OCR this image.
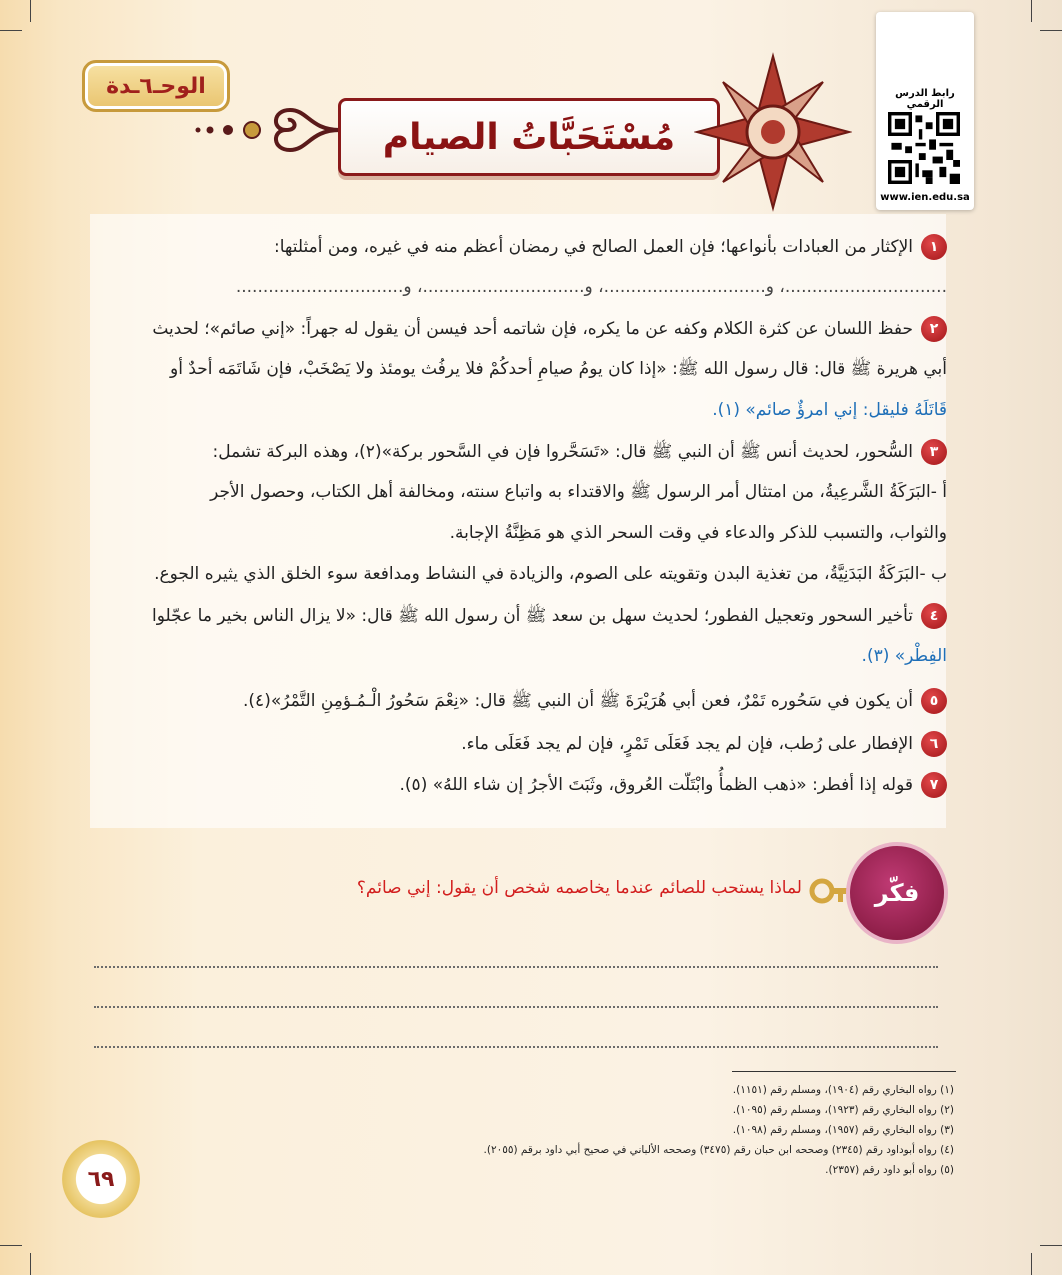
الوحـ٦ـدة
مُسْتَحَبَّاتُ الصيام
رابط الدرس الرقمي
www.ien.edu.sa
١الإكثار من العبادات بأنواعها؛ فإن العمل الصالح في رمضان أعظم منه في غيره، ومن أمثلتها:
..............................، و..............................، و..............................، و...............................
٢حفظ اللسان عن كثرة الكلام وكفه عن ما يكره، فإن شاتمه أحد فيسن أن يقول له جهراً: «إني صائم»؛ لحديث
أبي هريرة ﷺ قال: قال رسول الله ﷺ: «إذا كان يومُ صيامِ أحدكُمْ فلا يرفُث يومئذ ولا يَصْخَبْ، فإن شَاتَمَه أحدٌ أو
قَاتَلَهُ فليقل: إني امرؤٌ صائم» (١).
٣السُّحور، لحديث أنس ﷺ أن النبي ﷺ قال: «تَسَحَّروا فإن في السَّحور بركة»(٢)، وهذه البركة تشمل:
أ -البَرَكَةُ الشَّرعِيةُ، من امتثال أمر الرسول ﷺ والاقتداء به واتباع سنته، ومخالفة أهل الكتاب، وحصول الأجر
والثواب، والتسبب للذكر والدعاء في وقت السحر الذي هو مَظِنَّةُ الإجابة.
ب -البَرَكَةُ البَدَنِيَّةُ، من تغذية البدن وتقويته على الصوم، والزيادة في النشاط ومدافعة سوء الخلق الذي يثيره الجوع.
٤تأخير السحور وتعجيل الفطور؛ لحديث سهل بن سعد ﷺ أن رسول الله ﷺ قال: «لا يزال الناس بخير ما عجّلوا
الفِطْر» (٣).
٥أن يكون في سَحُوره تَمْرٌ، فعن أبي هُرَيْرَةَ ﷺ أن النبي ﷺ قال: «نِعْمَ سَحُورُ الْـمُـؤمِنِ التَّمْرُ»(٤).
٦الإفطار على رُطب، فإن لم يجد فَعَلَى تَمْرٍ، فإن لم يجد فَعَلَى ماء.
٧قوله إذا أفطر: «ذهب الظمأُ وابْتَلّت العُروق، وثَبَتَ الأجرُ إن شاء اللهُ» (٥).
فكّر
لماذا يستحب للصائم عندما يخاصمه شخص أن يقول: إني صائم؟
(١) رواه البخاري رقم (١٩٠٤)، ومسلم رقم (١١٥١).
(٢) رواه البخاري رقم (١٩٢٣)، ومسلم رقم (١٠٩٥).
(٣) رواه البخاري رقم (١٩٥٧)، ومسلم رقم (١٠٩٨).
(٤) رواه أبوداود رقم (٢٣٤٥) وصححه ابن حبان رقم (٣٤٧٥) وصححه الألباني في صحيح أبي داود برقم (٢٠٥٥).
(٥) رواه أبو داود رقم (٢٣٥٧).
٦٩
